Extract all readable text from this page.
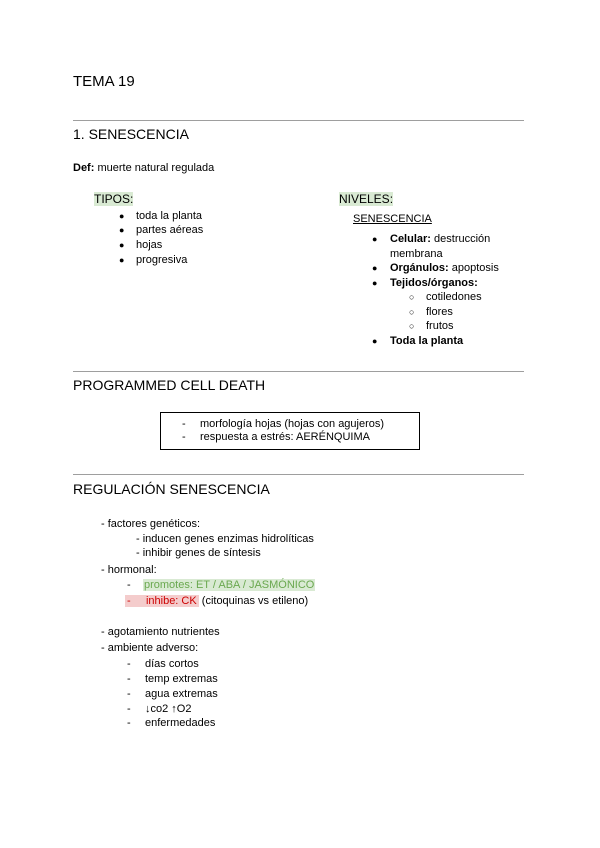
TEMA 19
1. SENESCENCIA
Def: muerte natural regulada
TIPOS:
● toda la planta
● partes aéreas
● hojas
● progresiva
NIVELES:
SENESCENCIA
● Celular: destrucción
membrana
● Orgánulos: apoptosis
● Tejidos/órganos:
○ cotiledones
○ flores
○ frutos
● Toda la planta
PROGRAMMED CELL DEATH
- morfología hojas (hojas con agujeros)
- respuesta a estrés: AERÉNQUIMA
REGULACIÓN SENESCENCIA
- factores genéticos:
- inducen genes enzimas hidrolíticas
- inhibir genes de síntesis
- hormonal:
- promotes: ET / ABA / JASMÓNICO
-     inhibe: CK (citoquinas vs etileno)
- agotamiento nutrientes
- ambiente adverso:
- días cortos
- temp extremas
- agua extremas
- ↓co2 ↑O2
- enfermedades
